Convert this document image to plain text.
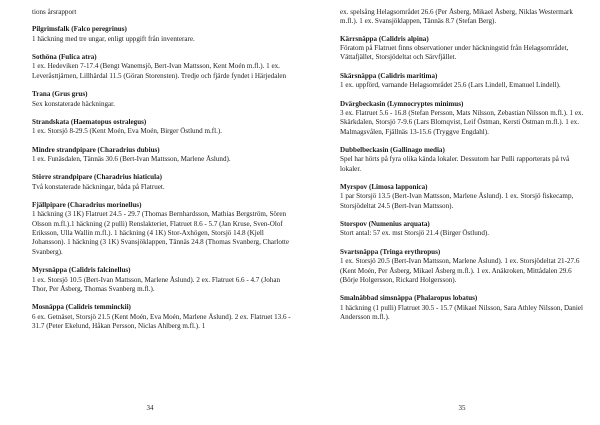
tions årsrapport

Pilgrimsfalk (Falco peregrinus)

1 häckning med tre ungar, enligt uppgift från inventerare.

Sothöna (Fulica atra)

1 ex. Hedeviken 7-17.4 (Bengt Wanemsjö, Bert-Ivan Mattsson, Kent Moén m.fl.). 1 ex. Leveråsttjärnen, Lillhärdal 11.5 (Göran Storensten). Tredje och fjärde fyndet i Härjedalen

Trana (Grus grus)

Sex konstaterade häckningar.

Strandskata (Haematopus ostralegus)

1 ex. Storsjö 8-29.5 (Kent Moén, Eva Moén, Birger Östlund m.fl.).

Mindre strandpipare (Charadrius dubius)

1 ex. Funäsdalen, Tännäs 30.6 (Bert-Ivan Mattsson, Marlene Åslund).

Större strandpipare (Charadrius hiaticula)

Två konstaterade häckningar, båda på Flatruet.

Fjällpipare (Charadrius morinellus)

1 häckning (3 1K) Flatruet 24.5 - 29.7 (Thomas Bernhardsson, Mathias Bergström, Sören Olsson m.fl.).1 häckning (2 pulli) Renslakteriet, Flatruet 8.6 - 5.7 (Jan Kruse, Sven-Olof Eriksson, Ulla Wallin m.fl.). 1 häckning (4 1K) Stor-Axhögen, Storsjö 14.8 (Kjell Johansson). 1 häckning (3 1K) Svansjöklappen, Tännäs 24.8 (Thomas Svanberg, Charlotte Svanberg).

Myrsnäppa (Calidris falcinellus)

1 ex. Storsjö 10.5 (Bert-Ivan Mattsson, Marlene Åslund). 2 ex. Flatruet 6.6 - 4.7 (Johan Thor, Per Åsberg, Thomas Svanberg m.fl.).

Mosnäppa (Calidris temminckii)

6 ex. Getnäset, Storsjö 21.5 (Kent Moén, Eva Moén, Marlene Åslund). 2 ex. Flatruet 13.6 - 31.7 (Peter Ekelund, Håkan Persson, Niclas Ahlberg m.fl.). 1

34

ex. spelsång Helagsområdet 26.6 (Per Åsberg, Mikael Åsberg, Niklas Westermark m.fl.). 1 ex. Svansjöklappen, Tännäs 8.7 (Stefan Berg).

Kärrsnäppa (Calidris alpina)

Föratom på Flatruet finns observationer under häckningstid från Helagsområdet, Vättafjället, Storsjödeltat och Särvfjället.

Skärsnäppa (Calidris maritima)

1 ex. uppförd, varnande Helagsområdet 25.6 (Lars Lindell, Emanuel Lindell).

Dvärgbeckasin (Lymnocryptes minimus)

3 ex. Flatruet 5.6 - 16.8 (Stefan Persson, Mats Nilsson, Zebastian Nilsson m.fl.). 1 ex. Skärkdalen, Storsjö 7-9.6 (Lars Blomqvist, Leif Östman, Kersti Östman m.fl.). 1 ex. Malmagsvålen, Fjällnäs 13-15.6 (Tryggve Engdahl).

Dubbelbeckasin (Gallinago media)

Spel har hörts på fyra olika kända lokaler. Dessutom har Pulli rapporterats på två lokaler.

Myrspov (Limosa lapponica)

1 par Storsjö 13.5 (Bert-Ivan Mattsson, Marlene Åslund). 1 ex. Storsjö fiskecamp, Storsjödeltat 24.5 (Bert-Ivan Mattsson).

Storspov (Numenius arquata)

Stort antal: 57 ex. mst Storsjö 21.4 (Birger Östlund).

Svartsnäppa (Tringa erythropus)

1 ex. Storsjö 20.5 (Bert-Ivan Mattsson, Marlene Åslund). 1 ex. Storsjödeltat 21-27.6 (Kent Moén, Per Åsberg, Mikael Åsberg m.fl.). 1 ex. Anäkroken, Mittådalen 29.6 (Börje Holgersson, Rickard Holgersson).

Smalnäbbad simsnäppa (Phalaropus lobatus)

1 häckning (1 pulli) Flatruet 30.5 - 15.7 (Mikael Nilsson, Sara Athley Nilsson, Daniel Andersson m.fl.).

35
